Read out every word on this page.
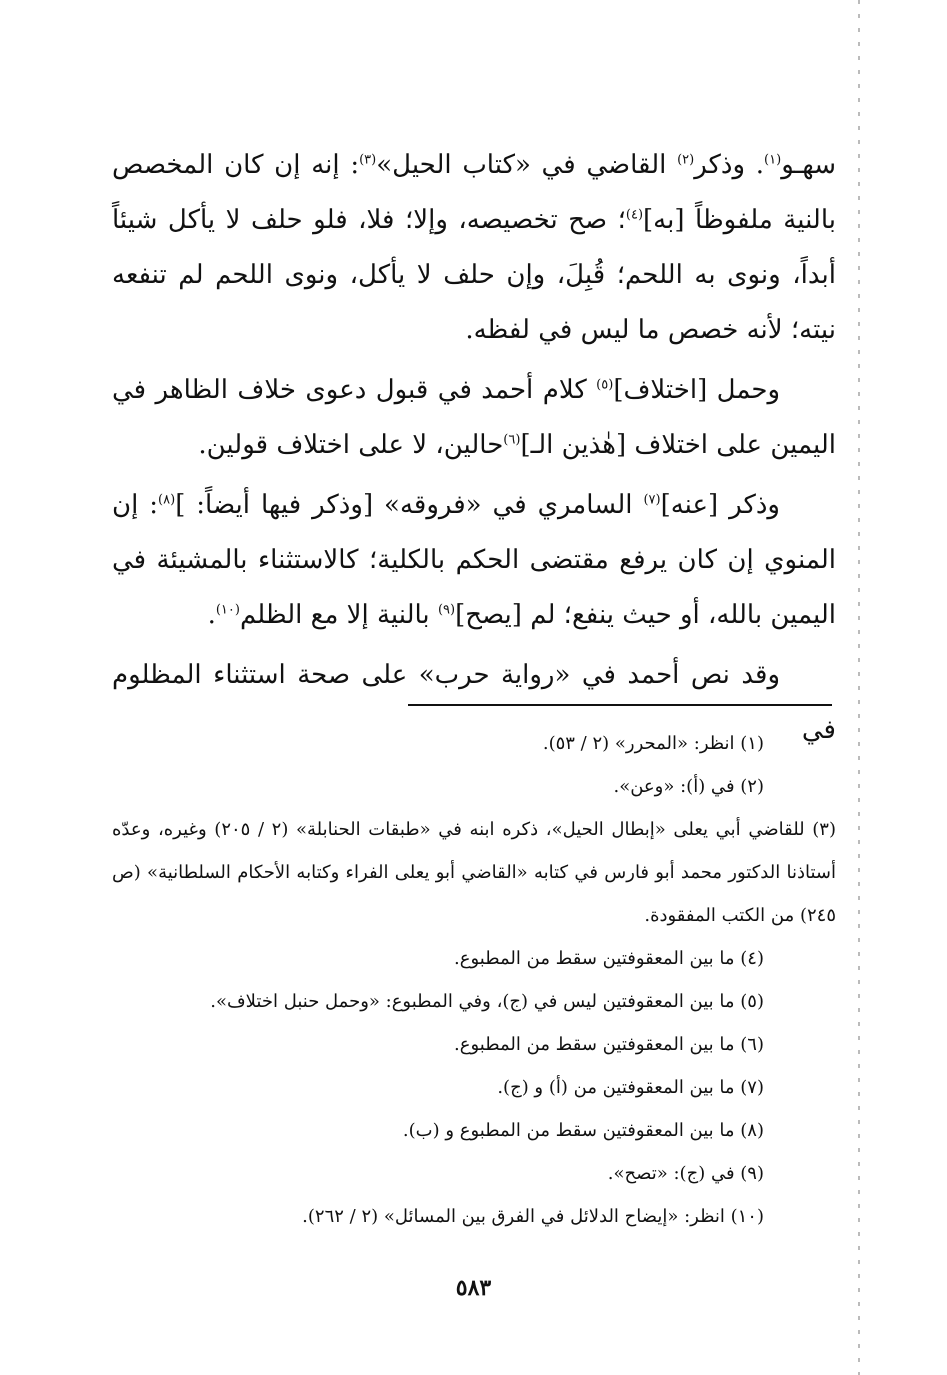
سهـو$^{(١)}$. وذكر$^{(٢)}$ القاضي في «كتاب الحيل»$^{(٣)}$: إنه إن كان المخصص بالنية ملفوظاً [به]$^{(٤)}$؛ صح تخصيصه، وإلا؛ فلا، فلو حلف لا يأكل شيئاً أبداً، ونوى به اللحم؛ قُبِلَ، وإن حلف لا يأكل، ونوى اللحم لم تنفعه نيته؛ لأنه خصص ما ليس في لفظه.

وحمل [اختلاف]$^{(٥)}$ كلام أحمد في قبول دعوى خلاف الظاهر في اليمين على اختلاف [هٰذين الـ]$^{(٦)}$حالين، لا على اختلاف قولين.

وذكر [عنه]$^{(٧)}$ السامري في «فروقه» [وذكر فيها أيضاً: ]$^{(٨)}$: إن المنوي إن كان يرفع مقتضى الحكم بالكلية؛ كالاستثناء بالمشيئة في اليمين بالله، أو حيث ينفع؛ لم [يصح]$^{(٩)}$ بالنية إلا مع الظلم$^{(١٠)}$.

وقد نص أحمد في «رواية حرب» على صحة استثناء المظلوم في

(١) انظر: «المحرر» (٢ / ٥٣).

(٢) في (أ): «وعن».

(٣) للقاضي أبي يعلى «إبطال الحيل»، ذكره ابنه في «طبقات الحنابلة» (٢ / ٢٠٥) وغيره، وعدّه أستاذنا الدكتور محمد أبو فارس في كتابه «القاضي أبو يعلى الفراء وكتابه الأحكام السلطانية» (ص ٢٤٥) من الكتب المفقودة.

(٤) ما بين المعقوفتين سقط من المطبوع.

(٥) ما بين المعقوفتين ليس في (ج)، وفي المطبوع: «وحمل حنبل اختلاف».

(٦) ما بين المعقوفتين سقط من المطبوع.

(٧) ما بين المعقوفتين من (أ) و (ج).

(٨) ما بين المعقوفتين سقط من المطبوع و (ب).

(٩) في (ج): «تصح».

(١٠) انظر: «إيضاح الدلائل في الفرق بين المسائل» (٢ / ٢٦٢).

٥٨٣
